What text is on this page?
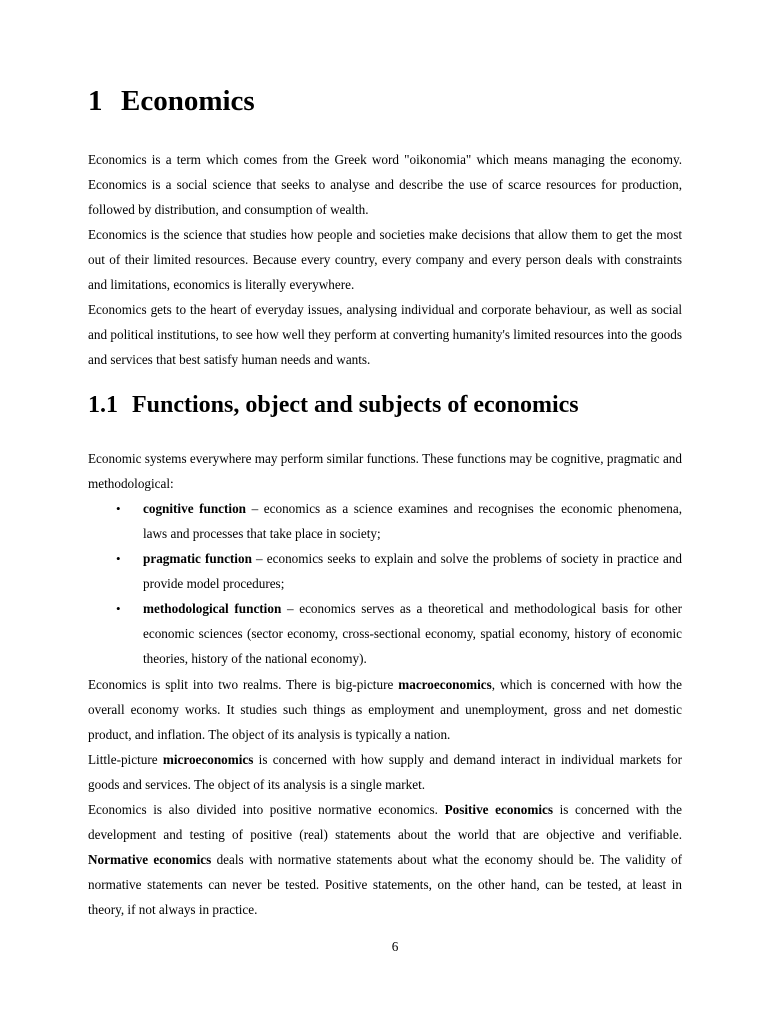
1 Economics

Economics is a term which comes from the Greek word "oikonomia" which means managing the economy. Economics is a social science that seeks to analyse and describe the use of scarce resources for production, followed by distribution, and consumption of wealth.

Economics is the science that studies how people and societies make decisions that allow them to get the most out of their limited resources. Because every country, every company and every person deals with constraints and limitations, economics is literally everywhere.

Economics gets to the heart of everyday issues, analysing individual and corporate behaviour, as well as social and political institutions, to see how well they perform at converting humanity's limited resources into the goods and services that best satisfy human needs and wants.

1.1 Functions, object and subjects of economics

Economic systems everywhere may perform similar functions. These functions may be cognitive, pragmatic and methodological:

• cognitive function – economics as a science examines and recognises the economic phenomena, laws and processes that take place in society;
• pragmatic function – economics seeks to explain and solve the problems of society in practice and provide model procedures;
• methodological function – economics serves as a theoretical and methodological basis for other economic sciences (sector economy, cross-sectional economy, spatial economy, history of economic theories, history of the national economy).

Economics is split into two realms. There is big-picture macroeconomics, which is concerned with how the overall economy works. It studies such things as employment and unemployment, gross and net domestic product, and inflation. The object of its analysis is typically a nation.

Little-picture microeconomics is concerned with how supply and demand interact in individual markets for goods and services. The object of its analysis is a single market.

Economics is also divided into positive normative economics. Positive economics is concerned with the development and testing of positive (real) statements about the world that are objective and verifiable. Normative economics deals with normative statements about what the economy should be. The validity of normative statements can never be tested. Positive statements, on the other hand, can be tested, at least in theory, if not always in practice.

6
